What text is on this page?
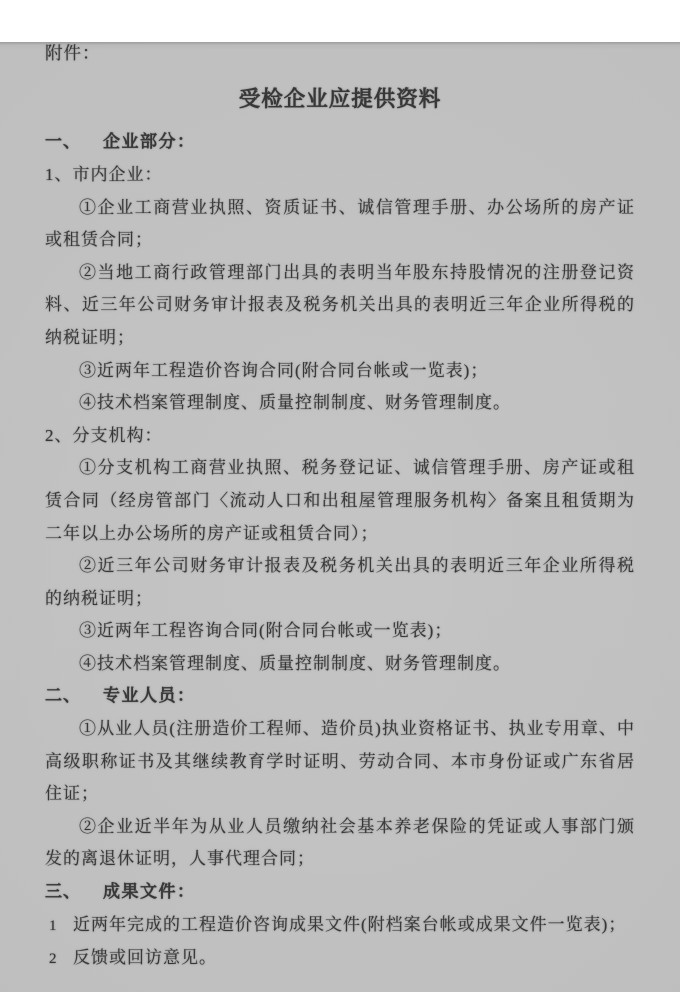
附件：

受检企业应提供资料

一、 企业部分：

1、市内企业：

①企业工商营业执照、资质证书、诚信管理手册、办公场所的房产证或租赁合同；

②当地工商行政管理部门出具的表明当年股东持股情况的注册登记资料、近三年公司财务审计报表及税务机关出具的表明近三年企业所得税的纳税证明；

③近两年工程造价咨询合同(附合同台帐或一览表)；

④技术档案管理制度、质量控制制度、财务管理制度。

2、分支机构：

①分支机构工商营业执照、税务登记证、诚信管理手册、房产证或租赁合同（经房管部门〈流动人口和出租屋管理服务机构〉备案且租赁期为二年以上办公场所的房产证或租赁合同）；

②近三年公司财务审计报表及税务机关出具的表明近三年企业所得税的纳税证明；

③近两年工程咨询合同(附合同台帐或一览表)；

④技术档案管理制度、质量控制制度、财务管理制度。

二、 专业人员：

①从业人员(注册造价工程师、造价员)执业资格证书、执业专用章、中高级职称证书及其继续教育学时证明、劳动合同、本市身份证或广东省居住证；

②企业近半年为从业人员缴纳社会基本养老保险的凭证或人事部门颁发的离退休证明，人事代理合同；

三、 成果文件：

1 近两年完成的工程造价咨询成果文件(附档案台帐或成果文件一览表)；

2 反馈或回访意见。
